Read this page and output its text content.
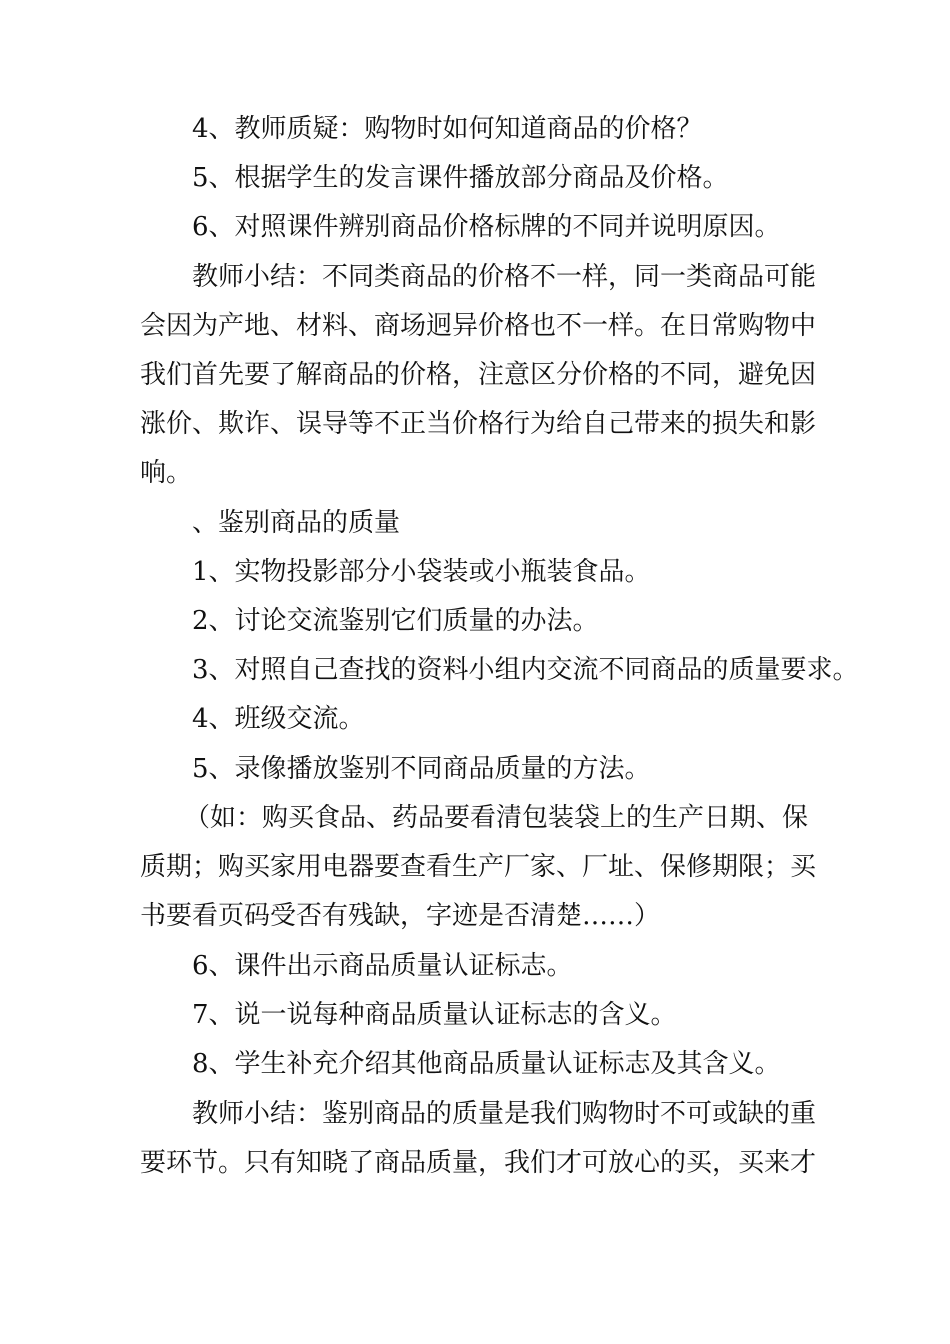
4、教师质疑：购物时如何知道商品的价格？
5、根据学生的发言课件播放部分商品及价格。
6、对照课件辨别商品价格标牌的不同并说明原因。
教师小结：不同类商品的价格不一样，同一类商品可能
会因为产地、材料、商场迥异价格也不一样。在日常购物中
我们首先要了解商品的价格，注意区分价格的不同，避免因
涨价、欺诈、误导等不正当价格行为给自己带来的损失和影
响。
、鉴别商品的质量
1、实物投影部分小袋装或小瓶装食品。
2、讨论交流鉴别它们质量的办法。
3、对照自己查找的资料小组内交流不同商品的质量要求。
4、班级交流。
5、录像播放鉴别不同商品质量的方法。
（如：购买食品、药品要看清包装袋上的生产日期、保
质期；购买家用电器要查看生产厂家、厂址、保修期限；买
书要看页码受否有残缺，字迹是否清楚……）
6、课件出示商品质量认证标志。
7、说一说每种商品质量认证标志的含义。
8、学生补充介绍其他商品质量认证标志及其含义。
教师小结：鉴别商品的质量是我们购物时不可或缺的重
要环节。只有知晓了商品质量，我们才可放心的买，买来才
